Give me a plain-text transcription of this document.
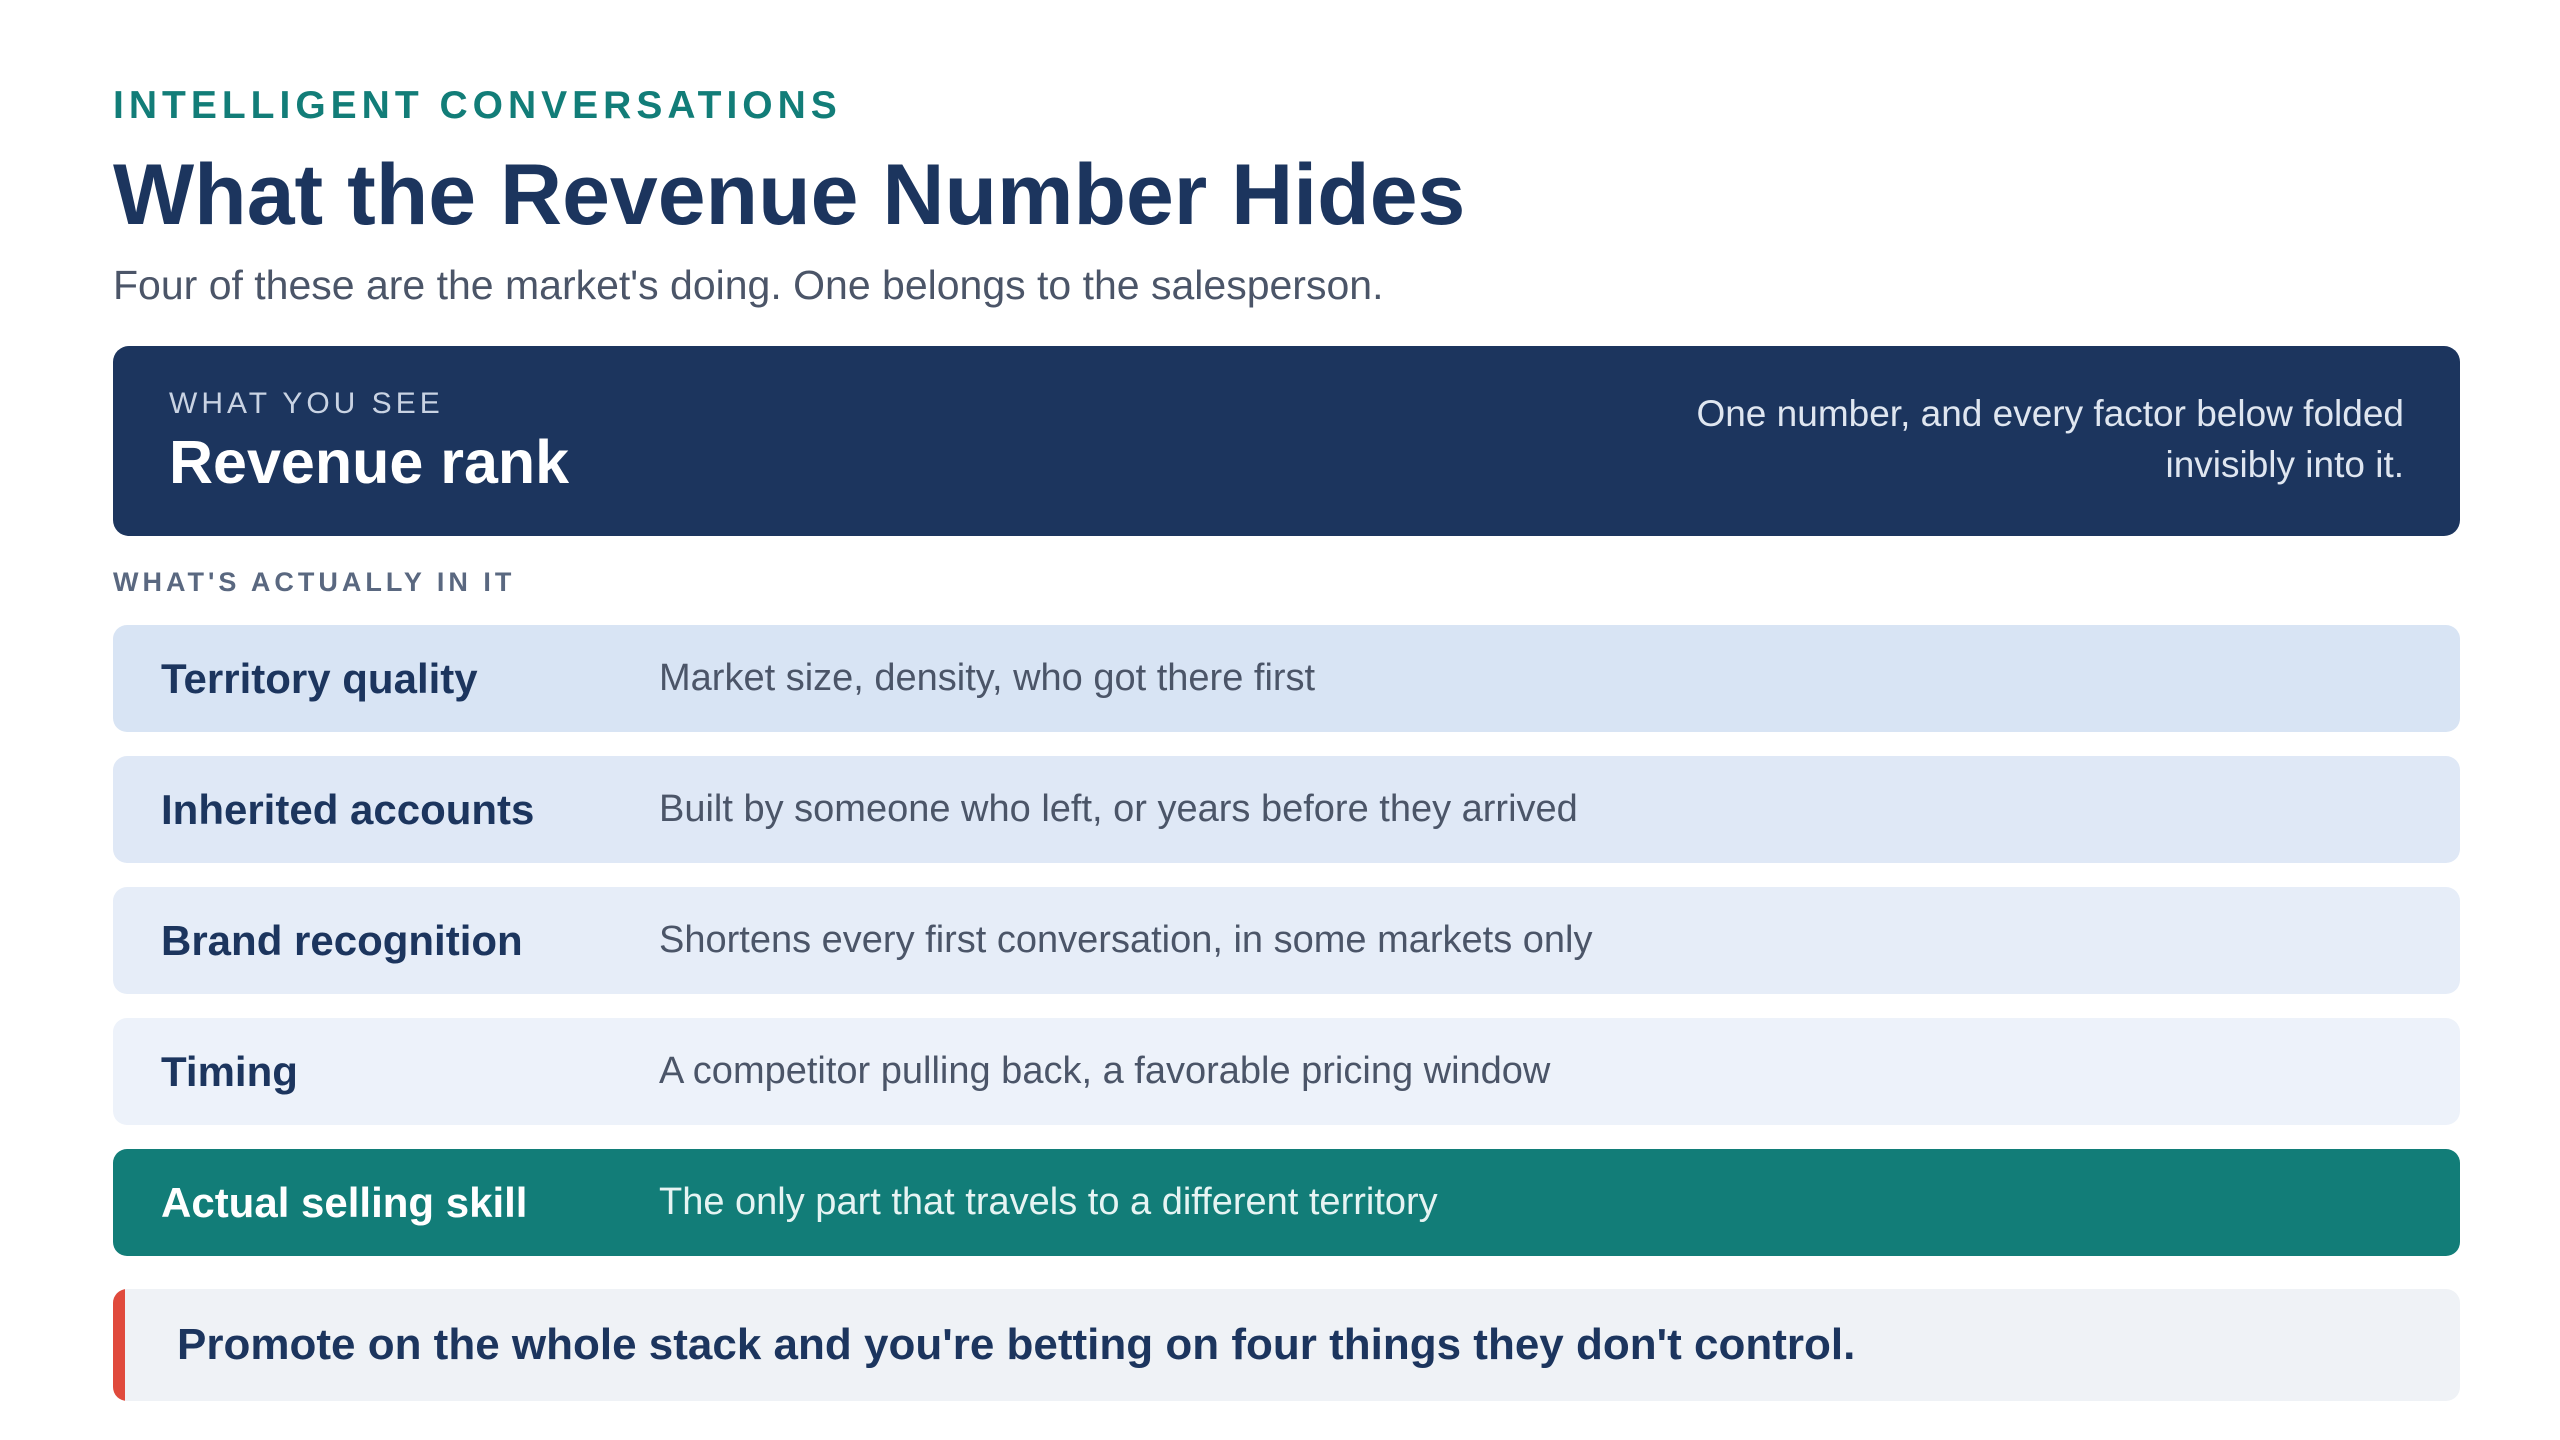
INTELLIGENT CONVERSATIONS
What the Revenue Number Hides
Four of these are the market's doing. One belongs to the salesperson.
WHAT YOU SEE
Revenue rank
One number, and every factor below folded invisibly into it.
WHAT'S ACTUALLY IN IT
Territory quality	Market size, density, who got there first
Inherited accounts	Built by someone who left, or years before they arrived
Brand recognition	Shortens every first conversation, in some markets only
Timing	A competitor pulling back, a favorable pricing window
Actual selling skill	The only part that travels to a different territory
Promote on the whole stack and you're betting on four things they don't control.
